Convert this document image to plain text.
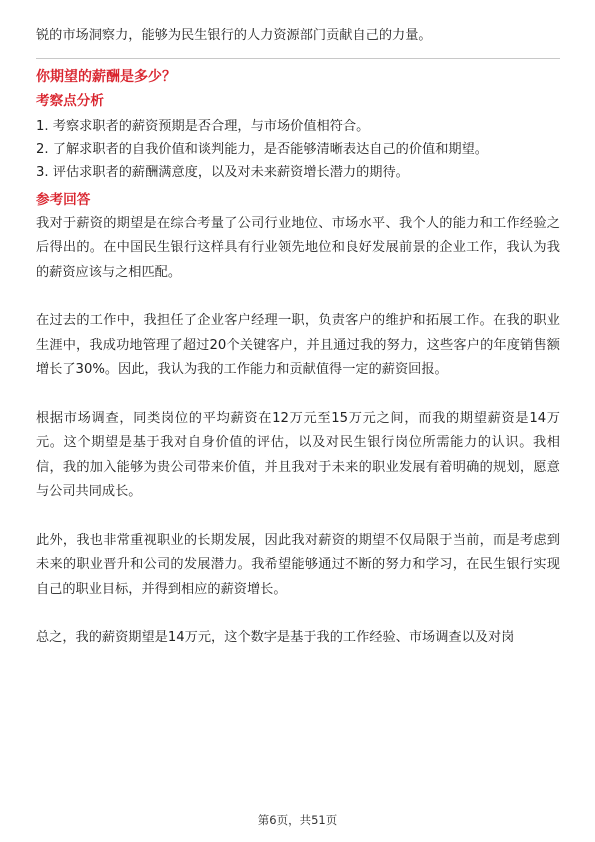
锐的市场洞察力，能够为民生银行的人力资源部门贡献自己的力量。

你期望的薪酬是多少？

考察点分析

1. 考察求职者的薪资预期是否合理，与市场价值相符合。

2. 了解求职者的自我价值和谈判能力，是否能够清晰表达自己的价值和期望。

3. 评估求职者的薪酬满意度，以及对未来薪资增长潜力的期待。

参考回答

我对于薪资的期望是在综合考量了公司行业地位、市场水平、我个人的能力和工作经验之后得出的。在中国民生银行这样具有行业领先地位和良好发展前景的企业工作，我认为我的薪资应该与之相匹配。

在过去的工作中，我担任了企业客户经理一职，负责客户的维护和拓展工作。在我的职业生涯中，我成功地管理了超过20个关键客户，并且通过我的努力，这些客户的年度销售额增长了30%。因此，我认为我的工作能力和贡献值得一定的薪资回报。

根据市场调查，同类岗位的平均薪资在12万元至15万元之间，而我的期望薪资是14万元。这个期望是基于我对自身价值的评估，以及对民生银行岗位所需能力的认识。我相信，我的加入能够为贵公司带来价值，并且我对于未来的职业发展有着明确的规划，愿意与公司共同成长。

此外，我也非常重视职业的长期发展，因此我对薪资的期望不仅局限于当前，而是考虑到未来的职业晋升和公司的发展潜力。我希望能够通过不断的努力和学习，在民生银行实现自己的职业目标，并得到相应的薪资增长。

总之，我的薪资期望是14万元，这个数字是基于我的工作经验、市场调查以及对岗

第6页，共51页
